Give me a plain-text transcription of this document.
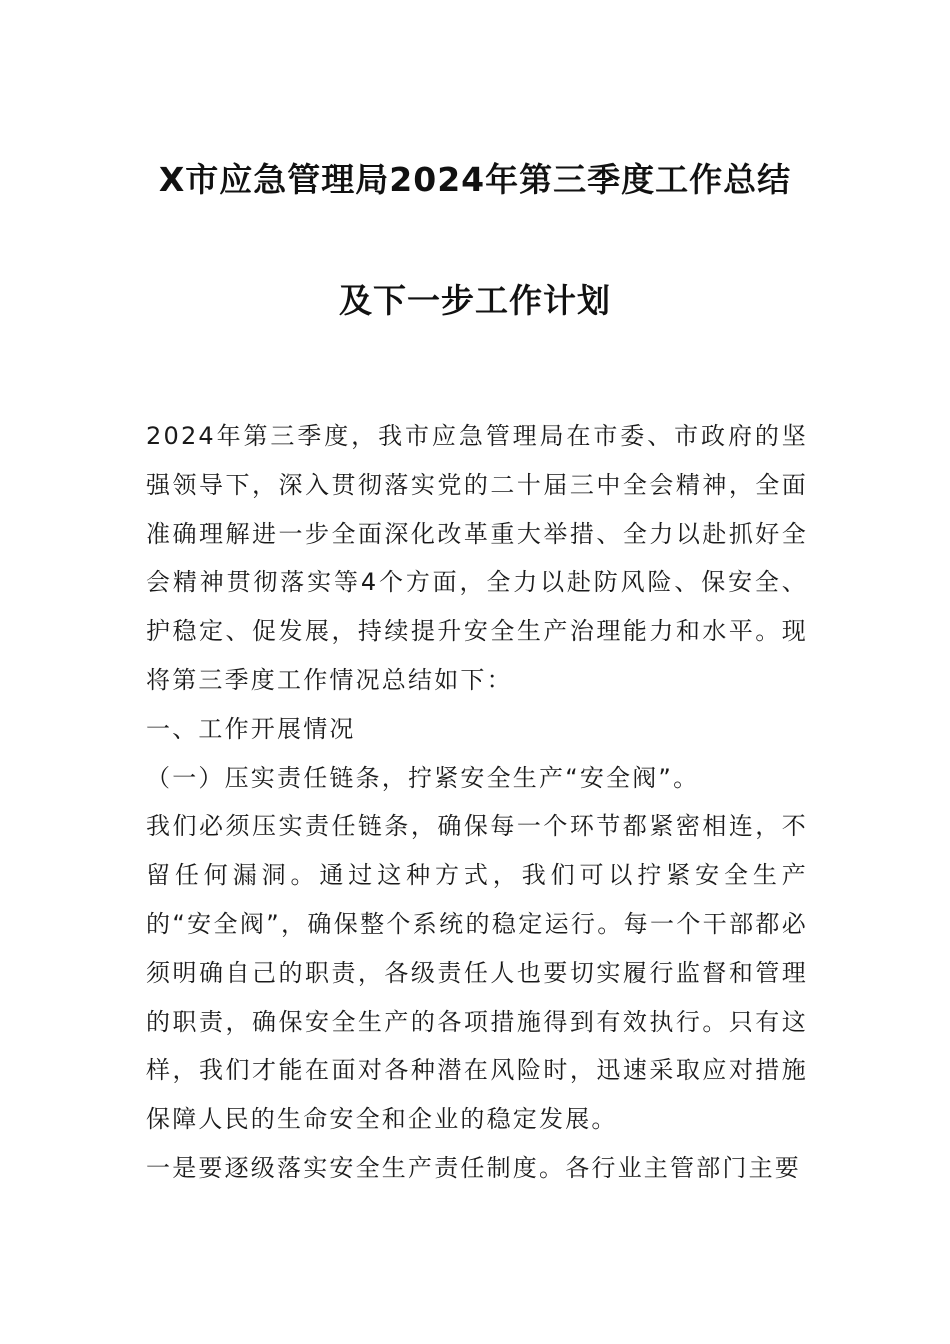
X市应急管理局2024年第三季度工作总结
及下一步工作计划

2024年第三季度，我市应急管理局在市委、市政府的坚强领导下，深入贯彻落实党的二十届三中全会精神，全面准确理解进一步全面深化改革重大举措、全力以赴抓好全会精神贯彻落实等4个方面，全力以赴防风险、保安全、护稳定、促发展，持续提升安全生产治理能力和水平。现将第三季度工作情况总结如下：

一、工作开展情况

（一）压实责任链条，拧紧安全生产“安全阀”。

我们必须压实责任链条，确保每一个环节都紧密相连，不留任何漏洞。通过这种方式，我们可以拧紧安全生产的“安全阀”，确保整个系统的稳定运行。每一个干部都必须明确自己的职责，各级责任人也要切实履行监督和管理的职责，确保安全生产的各项措施得到有效执行。只有这样，我们才能在面对各种潜在风险时，迅速采取应对措施保障人民的生命安全和企业的稳定发展。

一是要逐级落实安全生产责任制度。各行业主管部门主要
